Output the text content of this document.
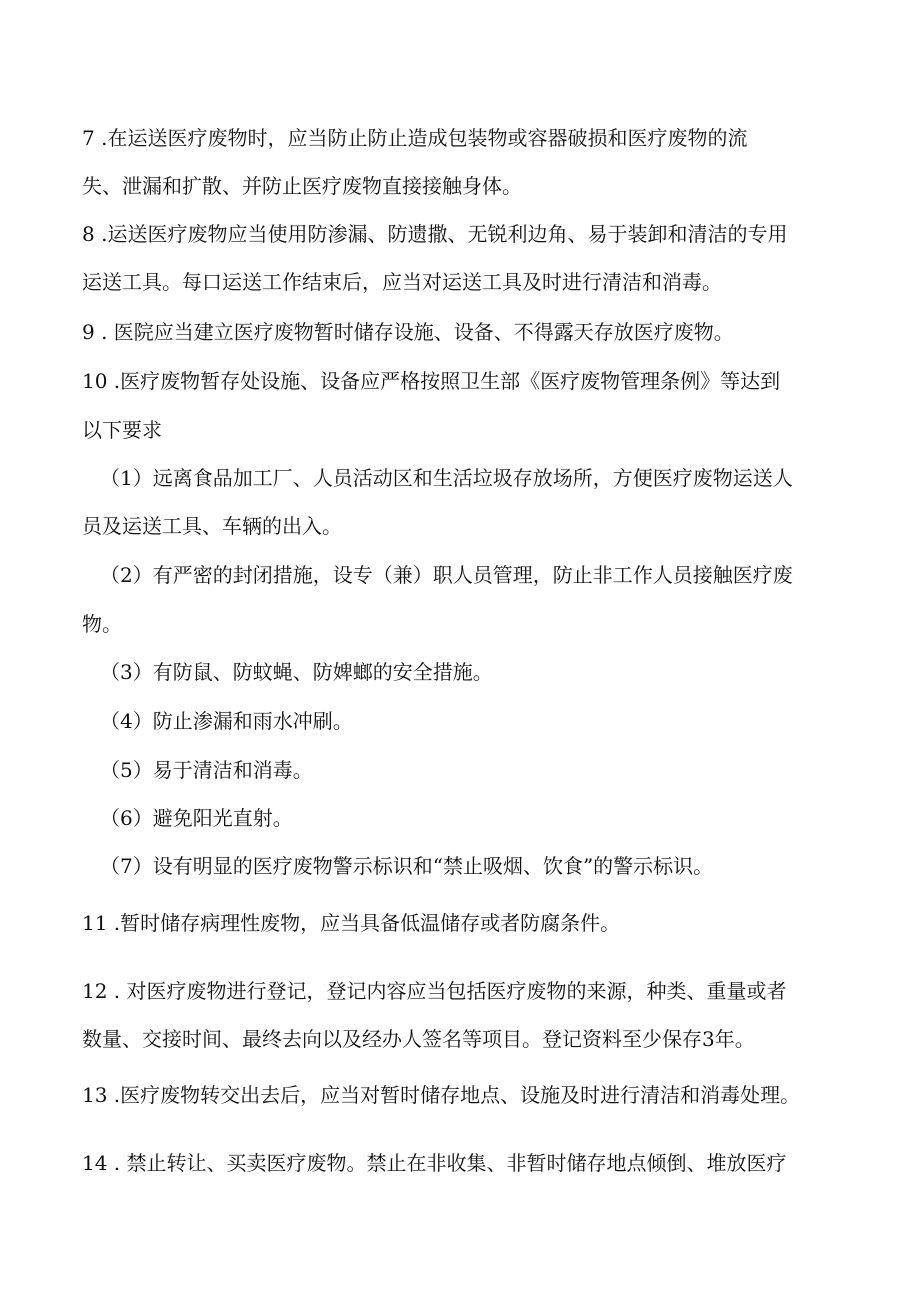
7 .在运送医疗废物时，应当防止防止造成包装物或容器破损和医疗废物的流
失、泄漏和扩散、并防止医疗废物直接接触身体。
8 .运送医疗废物应当使用防渗漏、防遗撒、无锐利边角、易于装卸和清洁的专用
运送工具。每口运送工作结束后，应当对运送工具及时进行清洁和消毒。
9 . 医院应当建立医疗废物暂时储存设施、设备、不得露天存放医疗废物。
10 .医疗废物暂存处设施、设备应严格按照卫生部《医疗废物管理条例》等达到
以下要求
（1）远离食品加工厂、人员活动区和生活垃圾存放场所，方便医疗废物运送人
员及运送工具、车辆的出入。
（2）有严密的封闭措施，设专（兼）职人员管理，防止非工作人员接触医疗废
物。
（3）有防鼠、防蚊蝇、防婢螂的安全措施。
（4）防止渗漏和雨水冲刷。
（5）易于清洁和消毒。
（6）避免阳光直射。
（7）设有明显的医疗废物警示标识和“禁止吸烟、饮食”的警示标识。
11 .暂时储存病理性废物，应当具备低温储存或者防腐条件。
12 . 对医疗废物进行登记，登记内容应当包括医疗废物的来源，种类、重量或者
数量、交接时间、最终去向以及经办人签名等项目。登记资料至少保存3年。
13 .医疗废物转交出去后，应当对暂时储存地点、设施及时进行清洁和消毒处理。
14 . 禁止转让、买卖医疗废物。禁止在非收集、非暂时储存地点倾倒、堆放医疗
